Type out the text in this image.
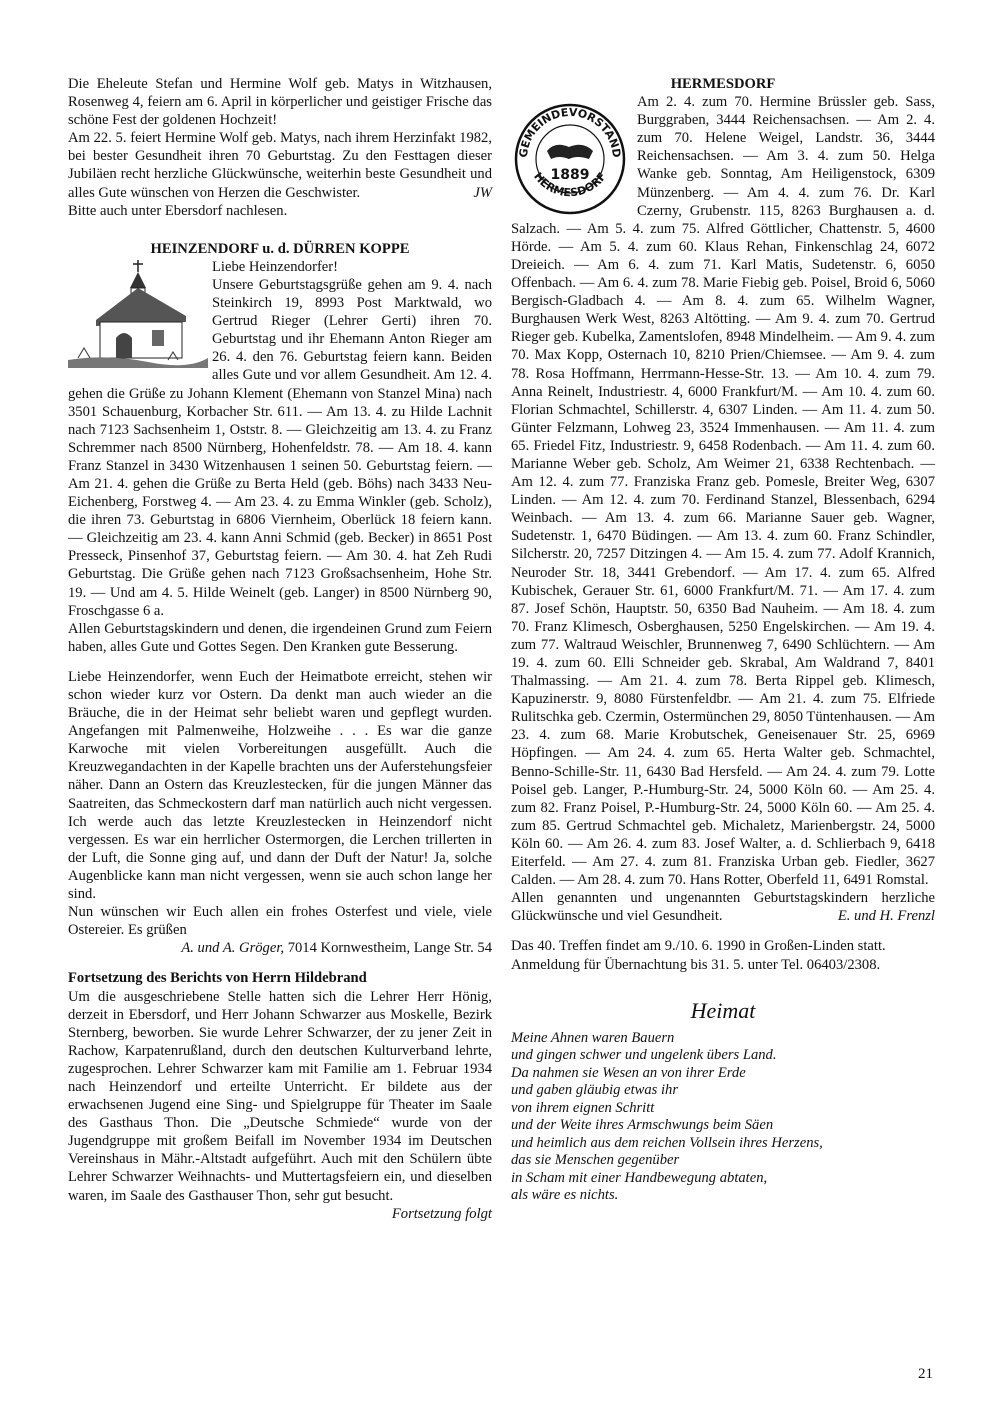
Die Eheleute Stefan und Hermine Wolf geb. Matys in Witzhausen, Rosenweg 4, feiern am 6. April in körperlicher und geistiger Frische das schöne Fest der goldenen Hochzeit!

Am 22. 5. feiert Hermine Wolf geb. Matys, nach ihrem Herzinfakt 1982, bei bester Gesundheit ihren 70 Geburtstag. Zu den Festtagen dieser Jubiläen recht herzliche Glückwünsche, weiterhin beste Gesundheit und alles Gute wünschen von Herzen die Geschwister.	JW

Bitte auch unter Ebersdorf nachlesen.

HEINZENDORF u. d. DÜRREN KOPPE

Liebe Heinzendorfer!

Unsere Geburtstagsgrüße gehen am 9. 4. nach Steinkirch 19, 8993 Post Marktwald, wo Gertrud Rieger (Lehrer Gerti) ihren 70. Geburtstag und ihr Ehemann Anton Rieger am 26. 4. den 76. Geburtstag feiern kann. Beiden alles Gute und vor allem Gesundheit. Am 12. 4. gehen die Grüße zu Johann Klement (Ehemann von Stanzel Mina) nach 3501 Schauenburg, Korbacher Str. 611. — Am 13. 4. zu Hilde Lachnit nach 7123 Sachsenheim 1, Oststr. 8. — Gleichzeitig am 13. 4. zu Franz Schremmer nach 8500 Nürnberg, Hohenfeldstr. 78. — Am 18. 4. kann Franz Stanzel in 3430 Witzenhausen 1 seinen 50. Geburtstag feiern. — Am 21. 4. gehen die Grüße zu Berta Held (geb. Böhs) nach 3433 Neu-Eichenberg, Forstweg 4. — Am 23. 4. zu Emma Winkler (geb. Scholz), die ihren 73. Geburtstag in 6806 Viernheim, Oberlück 18 feiern kann. — Gleichzeitig am 23. 4. kann Anni Schmid (geb. Becker) in 8651 Post Presseck, Pinsenhof 37, Geburtstag feiern. — Am 30. 4. hat Zeh Rudi Geburtstag. Die Grüße gehen nach 7123 Großsachsenheim, Hohe Str. 19. — Und am 4. 5. Hilde Weinelt (geb. Langer) in 8500 Nürnberg 90, Froschgasse 6 a.

Allen Geburtstagskindern und denen, die irgendeinen Grund zum Feiern haben, alles Gute und Gottes Segen. Den Kranken gute Besserung.

Liebe Heinzendorfer, wenn Euch der Heimatbote erreicht, stehen wir schon wieder kurz vor Ostern. Da denkt man auch wieder an die Bräuche, die in der Heimat sehr beliebt waren und gepflegt wurden. Angefangen mit Palmenweihe, Holzweihe . . . Es war die ganze Karwoche mit vielen Vorbereitungen ausgefüllt. Auch die Kreuzwegandachten in der Kapelle brachten uns der Auferstehungsfeier näher. Dann an Ostern das Kreuzlestecken, für die jungen Männer das Saatreiten, das Schmeckostern darf man natürlich auch nicht vergessen. Ich werde auch das letzte Kreuzlestecken in Heinzendorf nicht vergessen. Es war ein herrlicher Ostermorgen, die Lerchen trillerten in der Luft, die Sonne ging auf, und dann der Duft der Natur! Ja, solche Augenblicke kann man nicht vergessen, wenn sie auch schon lange her sind.

Nun wünschen wir Euch allen ein frohes Osterfest und viele, viele Ostereier. Es grüßen

A. und A. Gröger, 7014 Kornwestheim, Lange Str. 54

Fortsetzung des Berichts von Herrn Hildebrand

Um die ausgeschriebene Stelle hatten sich die Lehrer Herr Hönig, derzeit in Ebersdorf, und Herr Johann Schwarzer aus Moskelle, Bezirk Sternberg, beworben. Sie wurde Lehrer Schwarzer, der zu jener Zeit in Rachow, Karpatenrußland, durch den deutschen Kulturverband lehrte, zugesprochen. Lehrer Schwarzer kam mit Familie am 1. Februar 1934 nach Heinzendorf und erteilte Unterricht. Er bildete aus der erwachsenen Jugend eine Sing- und Spielgruppe für Theater im Saale des Gasthaus Thon. Die „Deutsche Schmiede“ wurde von der Jugendgruppe mit großem Beifall im November 1934 im Deutschen Vereinshaus in Mähr.-Altstadt aufgeführt. Auch mit den Schülern übte Lehrer Schwarzer Weihnachts- und Muttertagsfeiern ein, und dieselben waren, im Saale des Gasthauser Thon, sehr gut besucht.

Fortsetzung folgt

HERMESDORF

GEMEINDEVORSTAND
HERMESDORF
1889

Am 2. 4. zum 70. Hermine Brüssler geb. Sass, Burggraben, 3444 Reichensachsen. — Am 2. 4. zum 70. Helene Weigel, Landstr. 36, 3444 Reichensachsen. — Am 3. 4. zum 50. Helga Wanke geb. Sonntag, Am Heiligenstock, 6309 Münzenberg. — Am 4. 4. zum 76. Dr. Karl Czerny, Grubenstr. 115, 8263 Burghausen a. d. Salzach. — Am 5. 4. zum 75. Alfred Göttlicher, Chattenstr. 5, 4600 Hörde. — Am 5. 4. zum 60. Klaus Rehan, Finkenschlag 24, 6072 Dreieich. — Am 6. 4. zum 71. Karl Matis, Sudetenstr. 6, 6050 Offenbach. — Am 6. 4. zum 78. Marie Fiebig geb. Poisel, Broid 6, 5060 Bergisch-Gladbach 4. — Am 8. 4. zum 65. Wilhelm Wagner, Burghausen Werk West, 8263 Altötting. — Am 9. 4. zum 70. Gertrud Rieger geb. Kubelka, Zamentslofen, 8948 Mindelheim. — Am 9. 4. zum 70. Max Kopp, Osternach 10, 8210 Prien/Chiemsee. — Am 9. 4. zum 78. Rosa Hoffmann, Herrmann-Hesse-Str. 13. — Am 10. 4. zum 79. Anna Reinelt, Industriestr. 4, 6000 Frankfurt/M. — Am 10. 4. zum 60. Florian Schmachtel, Schillerstr. 4, 6307 Linden. — Am 11. 4. zum 50. Günter Felzmann, Lohweg 23, 3524 Immenhausen. — Am 11. 4. zum 65. Friedel Fitz, Industriestr. 9, 6458 Rodenbach. — Am 11. 4. zum 60. Marianne Weber geb. Scholz, Am Weimer 21, 6338 Rechtenbach. — Am 12. 4. zum 77. Franziska Franz geb. Pomesle, Breiter Weg, 6307 Linden. — Am 12. 4. zum 70. Ferdinand Stanzel, Blessenbach, 6294 Weinbach. — Am 13. 4. zum 66. Marianne Sauer geb. Wagner, Sudetenstr. 1, 6470 Büdingen. — Am 13. 4. zum 60. Franz Schindler, Silcherstr. 20, 7257 Ditzingen 4. — Am 15. 4. zum 77. Adolf Krannich, Neuroder Str. 18, 3441 Grebendorf. — Am 17. 4. zum 65. Alfred Kubischek, Gerauer Str. 61, 6000 Frankfurt/M. 71. — Am 17. 4. zum 87. Josef Schön, Hauptstr. 50, 6350 Bad Nauheim. — Am 18. 4. zum 70. Franz Klimesch, Osberghausen, 5250 Engelskirchen. — Am 19. 4. zum 77. Waltraud Weischler, Brunnenweg 7, 6490 Schlüchtern. — Am 19. 4. zum 60. Elli Schneider geb. Skrabal, Am Waldrand 7, 8401 Thalmassing. — Am 21. 4. zum 78. Berta Rippel geb. Klimesch, Kapuzinerstr. 9, 8080 Fürstenfeldbr. — Am 21. 4. zum 75. Elfriede Rulitschka geb. Czermin, Ostermünchen 29, 8050 Tüntenhausen. — Am 23. 4. zum 68. Marie Krobutschek, Geneisenauer Str. 25, 6969 Höpfingen. — Am 24. 4. zum 65. Herta Walter geb. Schmachtel, Benno-Schille-Str. 11, 6430 Bad Hersfeld. — Am 24. 4. zum 79. Lotte Poisel geb. Langer, P.-Humburg-Str. 24, 5000 Köln 60. — Am 25. 4. zum 82. Franz Poisel, P.-Humburg-Str. 24, 5000 Köln 60. — Am 25. 4. zum 85. Gertrud Schmachtel geb. Michaletz, Marienbergstr. 24, 5000 Köln 60. — Am 26. 4. zum 83. Josef Walter, a. d. Schlierbach 9, 6418 Eiterfeld. — Am 27. 4. zum 81. Franziska Urban geb. Fiedler, 3627 Calden. — Am 28. 4. zum 70. Hans Rotter, Oberfeld 11, 6491 Romstal.

Allen genannten und ungenannten Geburtstagskindern herzliche Glückwünsche und viel Gesundheit.	E. und H. Frenzl

Das 40. Treffen findet am 9./10. 6. 1990 in Großen-Linden statt. Anmeldung für Übernachtung bis 31. 5. unter Tel. 06403/2308.

Heimat
Meine Ahnen waren Bauern
und gingen schwer und ungelenk übers Land.
Da nahmen sie Wesen an von ihrer Erde
und gaben gläubig etwas ihr
von ihrem eignen Schritt
und der Weite ihres Armschwungs beim Säen
und heimlich aus dem reichen Vollsein ihres Herzens,
das sie Menschen gegenüber
in Scham mit einer Handbewegung abtaten,
als wäre es nichts.
21
